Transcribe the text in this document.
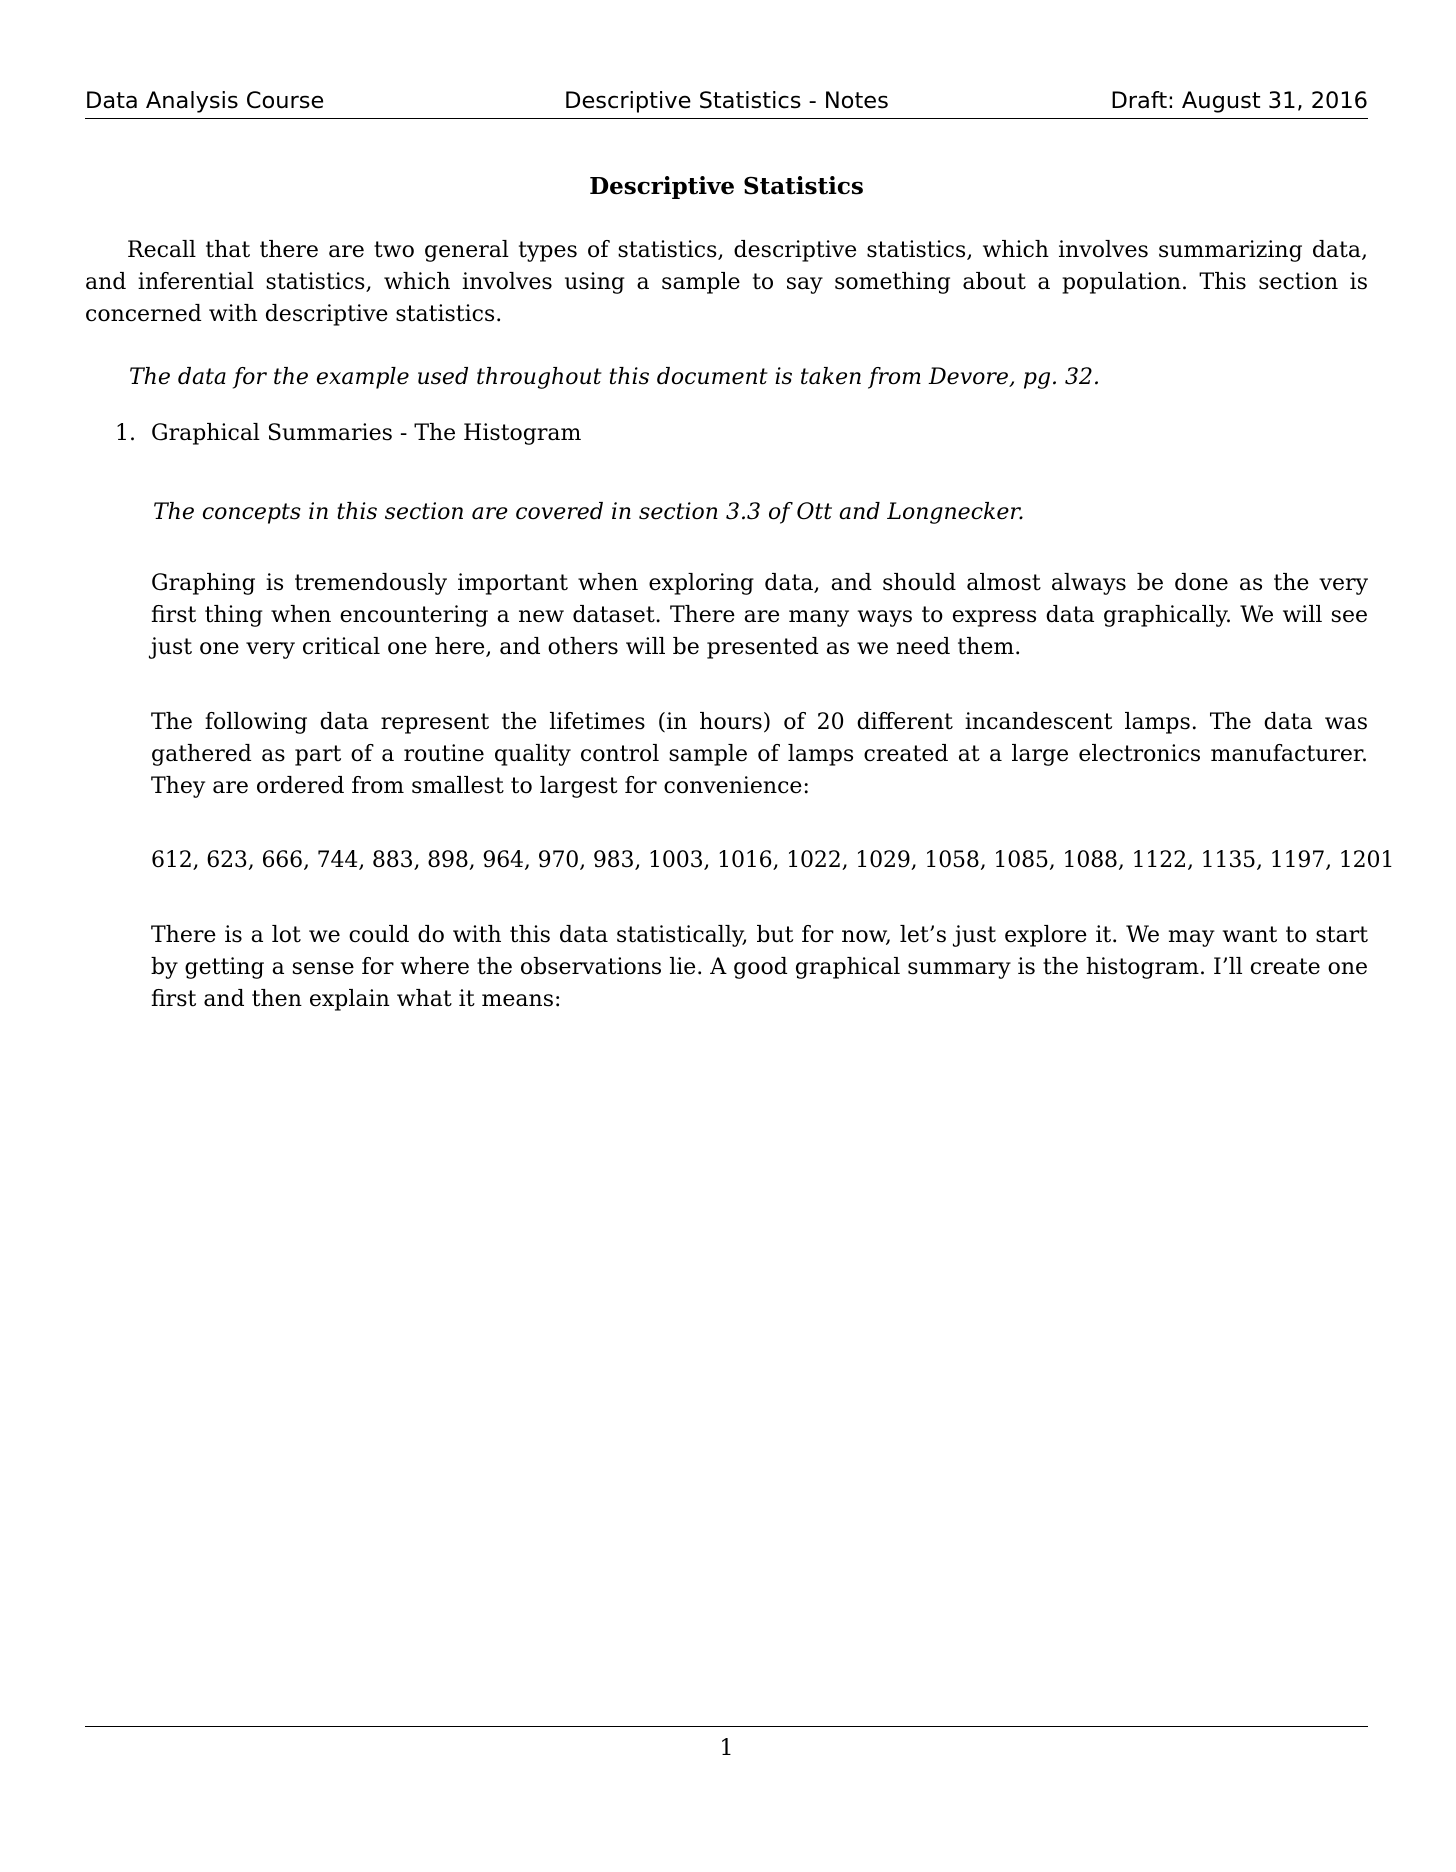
Data Analysis Course	Descriptive Statistics - Notes	Draft: August 31, 2016
Descriptive Statistics

Recall that there are two general types of statistics, descriptive statistics, which involves summarizing data, and inferential statistics, which involves using a sample to say something about a population. This section is concerned with descriptive statistics.

The data for the example used throughout this document is taken from Devore, pg. 32.

1. Graphical Summaries - The Histogram

The concepts in this section are covered in section 3.3 of Ott and Longnecker.

Graphing is tremendously important when exploring data, and should almost always be done as the very first thing when encountering a new dataset. There are many ways to express data graphically. We will see just one very critical one here, and others will be presented as we need them.

The following data represent the lifetimes (in hours) of 20 different incandescent lamps. The data was gathered as part of a routine quality control sample of lamps created at a large electronics manufacturer. They are ordered from smallest to largest for convenience:

612, 623, 666, 744, 883, 898, 964, 970, 983, 1003, 1016, 1022, 1029, 1058, 1085, 1088, 1122, 1135, 1197, 1201

There is a lot we could do with this data statistically, but for now, let’s just explore it. We may want to start by getting a sense for where the observations lie. A good graphical summary is the histogram. I’ll create one first and then explain what it means:

1
